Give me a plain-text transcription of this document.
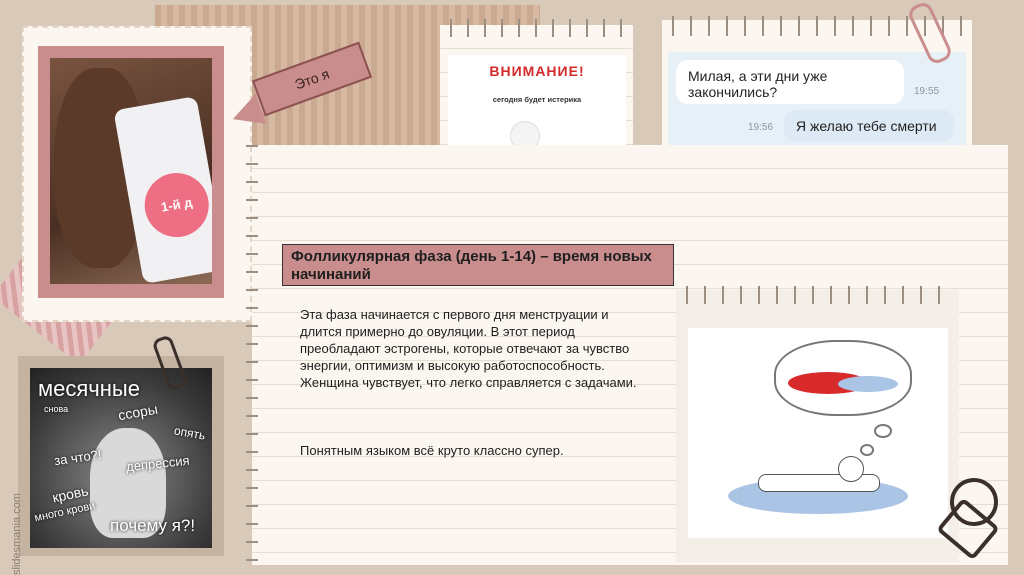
1-й д
Это я	ВНИМАНИЕ!
сегодня будет истерика
Милая, а эти дни уже закончились?	19:55
Я желаю тебе смерти
19:56
Фолликулярная фаза (день 1-14) – время новых начинаний
Эта фаза начинается с первого дня менструации и длится примерно до овуляции. В этот период преобладают эстрогены, которые отвечают за чувство энергии, оптимизм и высокую работоспособность. Женщина чувствует, что легко справляется с задачами.
Понятным языком всё круто классно супер.
месячные
снова	ссоры
опять
за что?! депрессия
кровь
много крови
почему я?!
slidesmania.com
